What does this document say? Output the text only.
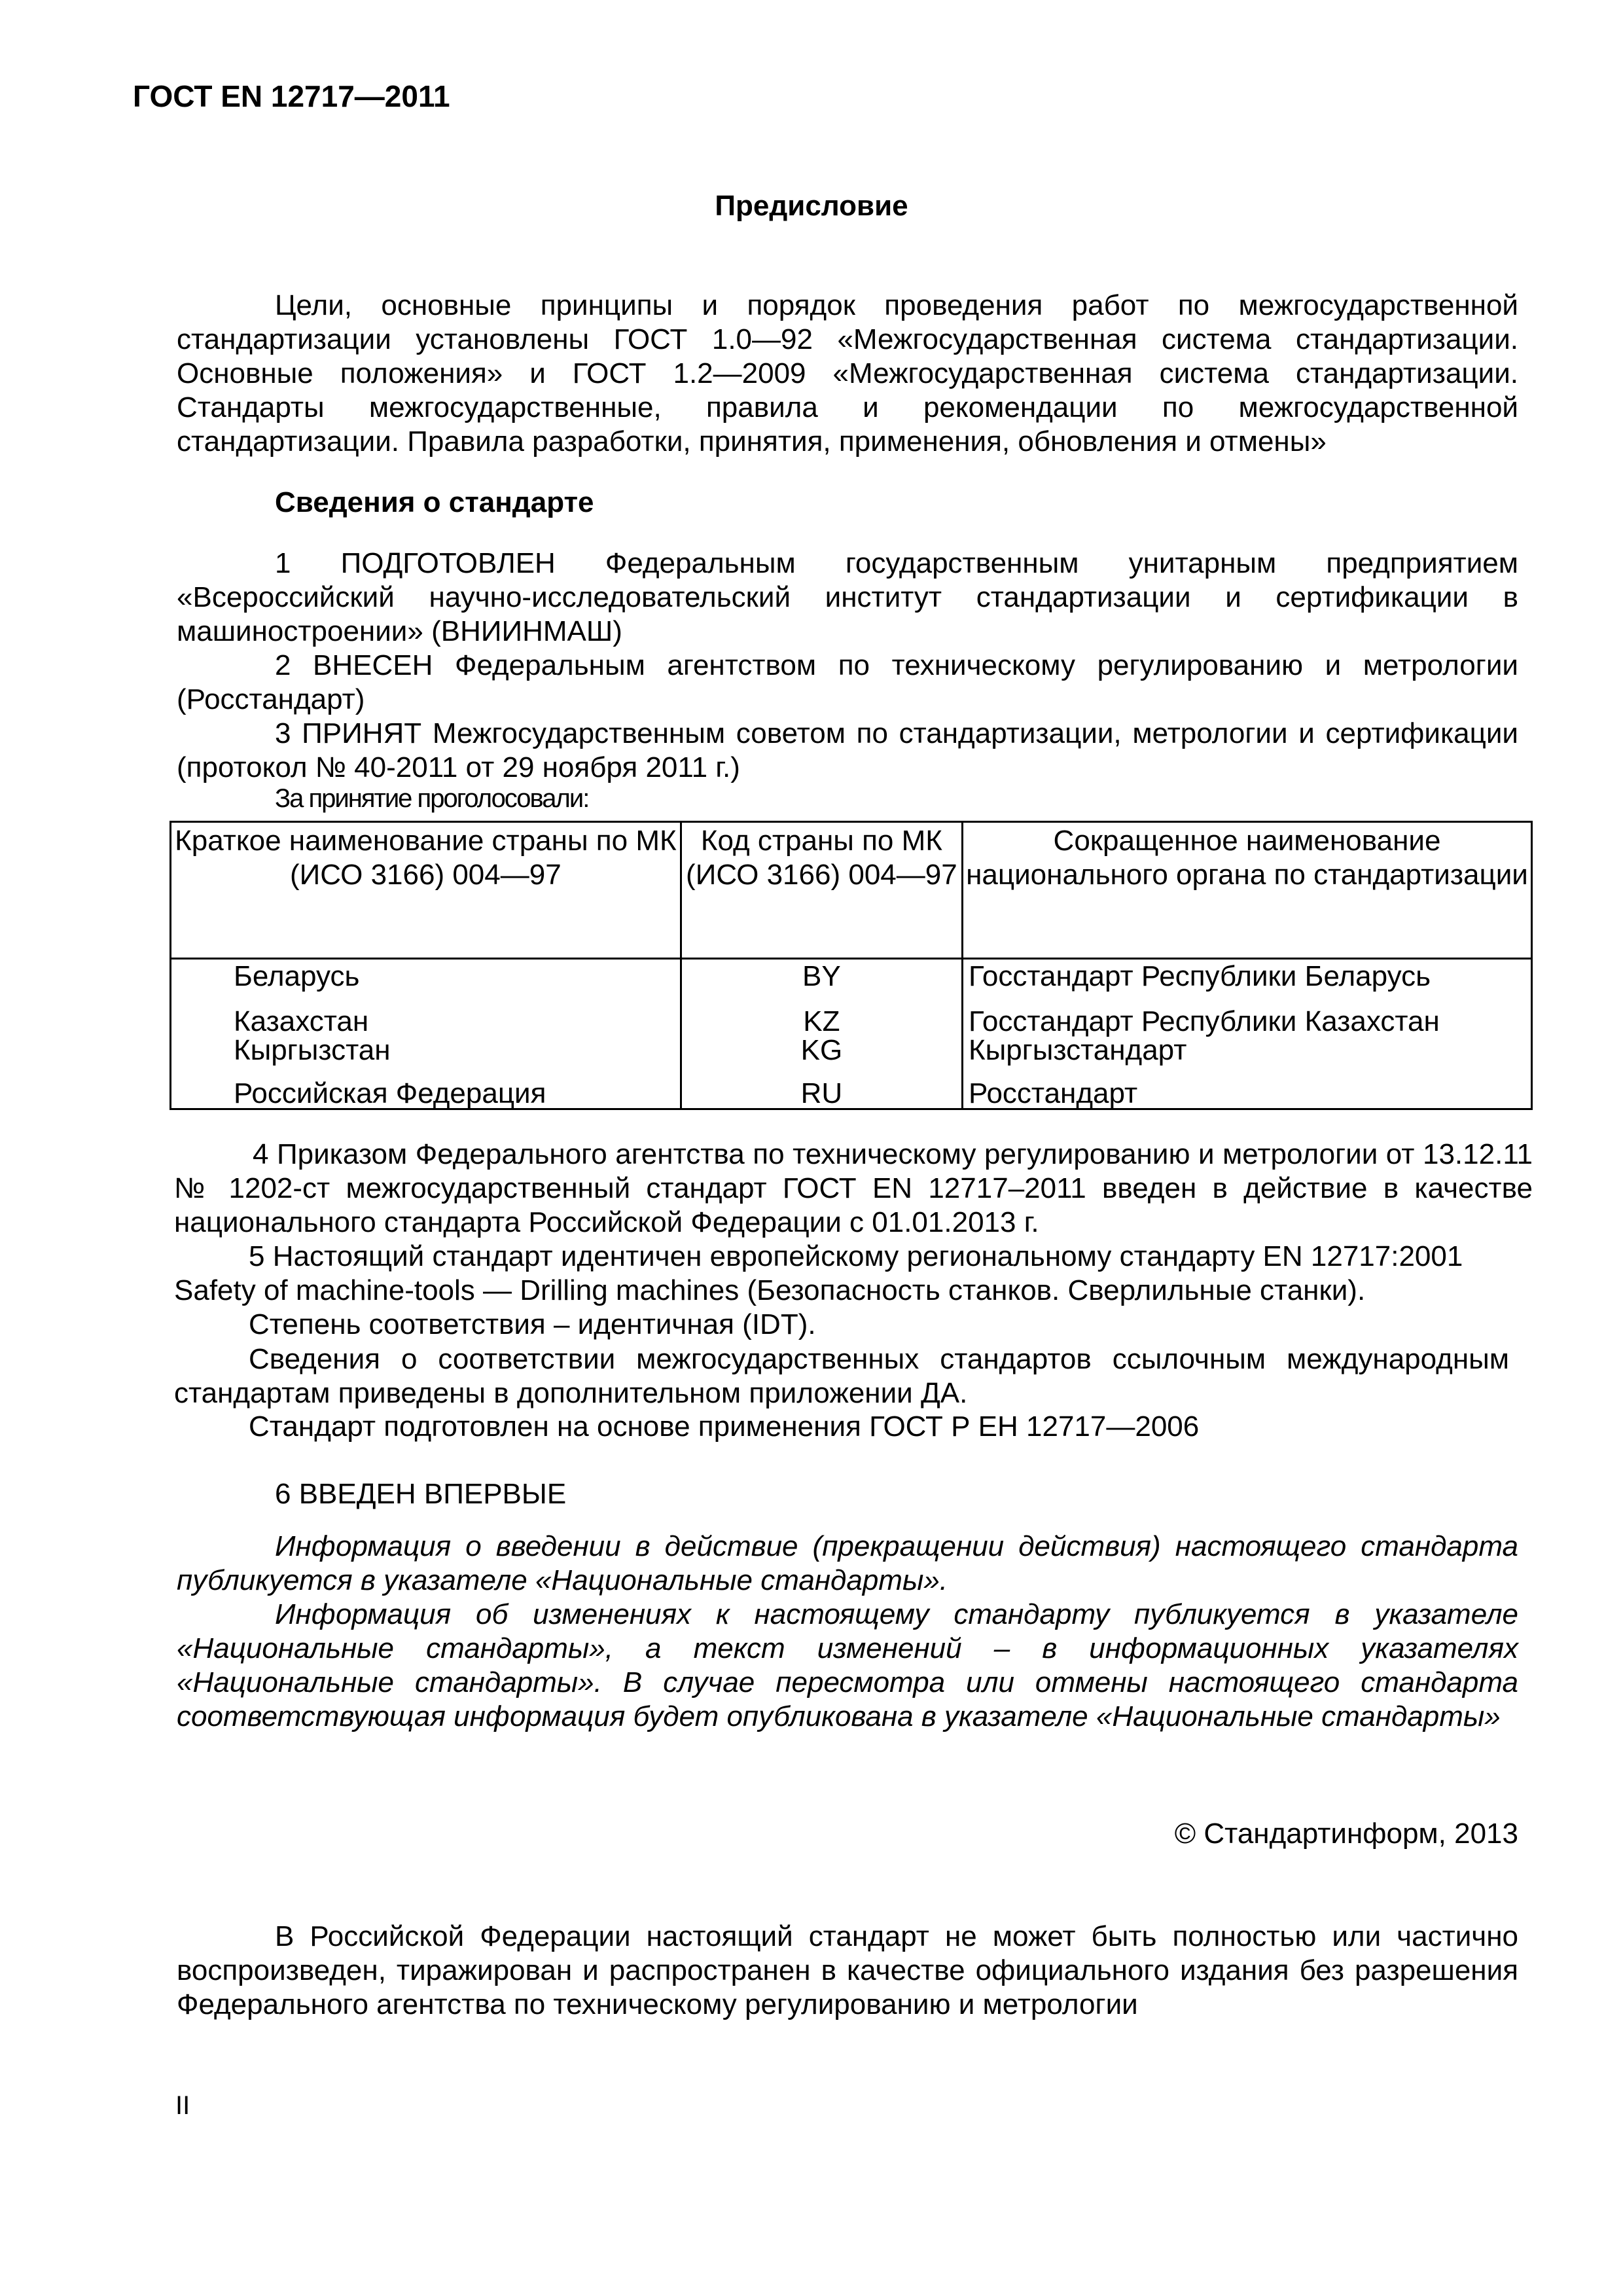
ГОСТ EN 12717—2011
Предисловие

Цели, основные принципы и порядок проведения работ по межгосударственной стандартизации установлены ГОСТ 1.0—92 «Межгосударственная система стандартизации. Основные положения» и ГОСТ 1.2—2009 «Межгосударственная система стандартизации. Стандарты межгосударственные, правила и рекомендации по межгосударственной стандартизации. Правила разработки, принятия, применения, обновления и отмены»

Сведения о стандарте

1 ПОДГОТОВЛЕН Федеральным государственным унитарным предприятием «Всероссийский научно-исследовательский институт стандартизации и сертификации в машиностроении» (ВНИИНМАШ)

2 ВНЕСЕН Федеральным агентством по техническому регулированию и метрологии (Росстандарт)

3 ПРИНЯТ Межгосударственным советом по стандартизации, метрологии и сертификации (протокол № 40-2011 от 29 ноября 2011 г.)

За принятие проголосовали:
Краткое наименование страны по МК (ИСО 3166) 004—97	Код страны по МК (ИСО 3166) 004—97	Сокращенное наименование национального органа по стандартизации
Беларусь	BY	Госстандарт Республики Беларусь
Казахстан	KZ	Госстандарт Республики Казахстан
Кыргызстан	KG	Кыргызстандарт
Российская Федерация	RU	Росстандарт

4 Приказом Федерального агентства по техническому регулированию и метрологии от 13.12.11 № 1202-ст межгосударственный стандарт ГОСТ EN 12717–2011 введен в действие в качестве национального стандарта Российской Федерации с 01.01.2013 г.

5 Настоящий стандарт идентичен европейскому региональному стандарту EN 12717:2001
Safety of machine-tools — Drilling machines (Безопасность станков. Сверлильные станки).
Степень соответствия – идентичная (IDT).

Сведения о соответствии межгосударственных стандартов ссылочным международным стандартам приведены в дополнительном приложении ДА.

Стандарт подготовлен на основе применения ГОСТ Р ЕН 12717—2006
6 ВВЕДЕН ВПЕРВЫЕ

Информация о введении в действие (прекращении действия) настоящего стандарта публикуется в указателе «Национальные стандарты».

Информация об изменениях к настоящему стандарту публикуется в указателе «Национальные стандарты», а текст изменений – в информационных указателях «Национальные стандарты». В случае пересмотра или отмены настоящего стандарта соответствующая информация будет опубликована в указателе «Национальные стандарты»

© Стандартинформ, 2013

В Российской Федерации настоящий стандарт не может быть полностью или частично воспроизведен, тиражирован и распространен в качестве официального издания без разрешения Федерального агентства по техническому регулированию и метрологии

II
